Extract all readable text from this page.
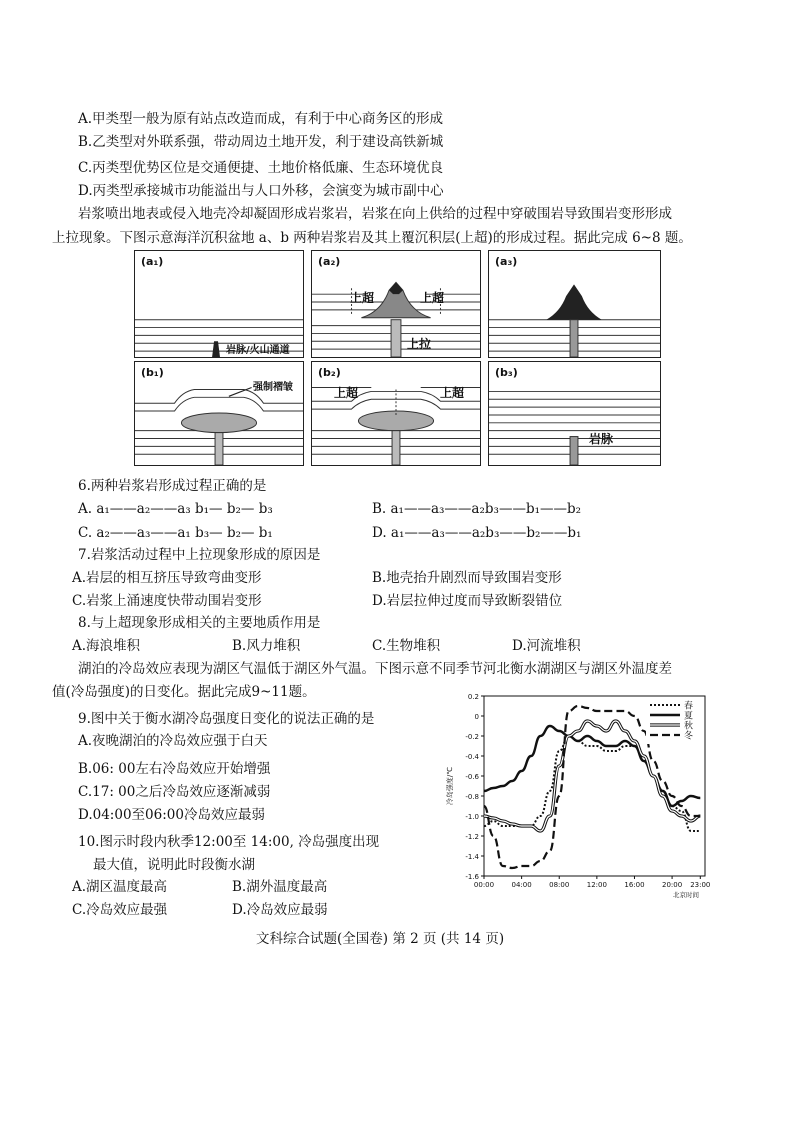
A.甲类型一般为原有站点改造而成，有利于中心商务区的形成
B.乙类型对外联系强，带动周边土地开发，利于建设高铁新城
C.丙类型优势区位是交通便捷、土地价格低廉、生态环境优良
D.丙类型承接城市功能溢出与人口外移，会演变为城市副中心
岩浆喷出地表或侵入地壳冷却凝固形成岩浆岩，岩浆在向上供给的过程中穿破围岩导致围岩变形形成
上拉现象。下图示意海洋沉积盆地 a、b 两种岩浆岩及其上覆沉积层(上超)的形成过程。据此完成 6~8 题。
(a₁)
岩脉/火山通道
(a₂)
上超	上超
上拉
(a₃)
(b₁)
强制褶皱
(b₂)
上超	上超
(b₃)
岩脉
6.两种岩浆岩形成过程正确的是
A. a₁——a₂——a₃ b₁— b₂— b₃	B. a₁——a₃——a₂b₃——b₁——b₂
C. a₂——a₃——a₁ b₃— b₂— b₁	D. a₁——a₃——a₂b₃——b₂——b₁
7.岩浆活动过程中上拉现象形成的原因是
A.岩层的相互挤压导致弯曲变形	B.地壳抬升剧烈而导致围岩变形
C.岩浆上涌速度快带动围岩变形	D.岩层拉伸过度而导致断裂错位
8.与上超现象形成相关的主要地质作用是
A.海浪堆积	B.风力堆积	C.生物堆积	D.河流堆积
湖泊的冷岛效应表现为湖区气温低于湖区外气温。下图示意不同季节河北衡水湖湖区与湖区外温度差
值(冷岛强度)的日变化。据此完成9~11题。
9.图中关于衡水湖冷岛强度日变化的说法正确的是
A.夜晚湖泊的冷岛效应强于白天
B.06: 00左右冷岛效应开始增强
C.17: 00之后冷岛效应逐渐减弱
D.04:00至06:00冷岛效应最弱
10.图示时段内秋季12:00至 14:00, 冷岛强度出现
最大值，说明此时段衡水湖
A.湖区温度最高	B.湖外温度最高
C.冷岛效应最强	D.冷岛效应最弱
0.2
0
-0.2
-0.4
-0.6
-0.8
-1.0
-1.2
-1.4
-1.6
00:00 04:00 08:00 12:00 16:00 20:00 23:00
冷岛强度/℃
北京时间
春
夏
秋
冬
文科综合试题(全国卷) 第 2 页 (共 14 页)
